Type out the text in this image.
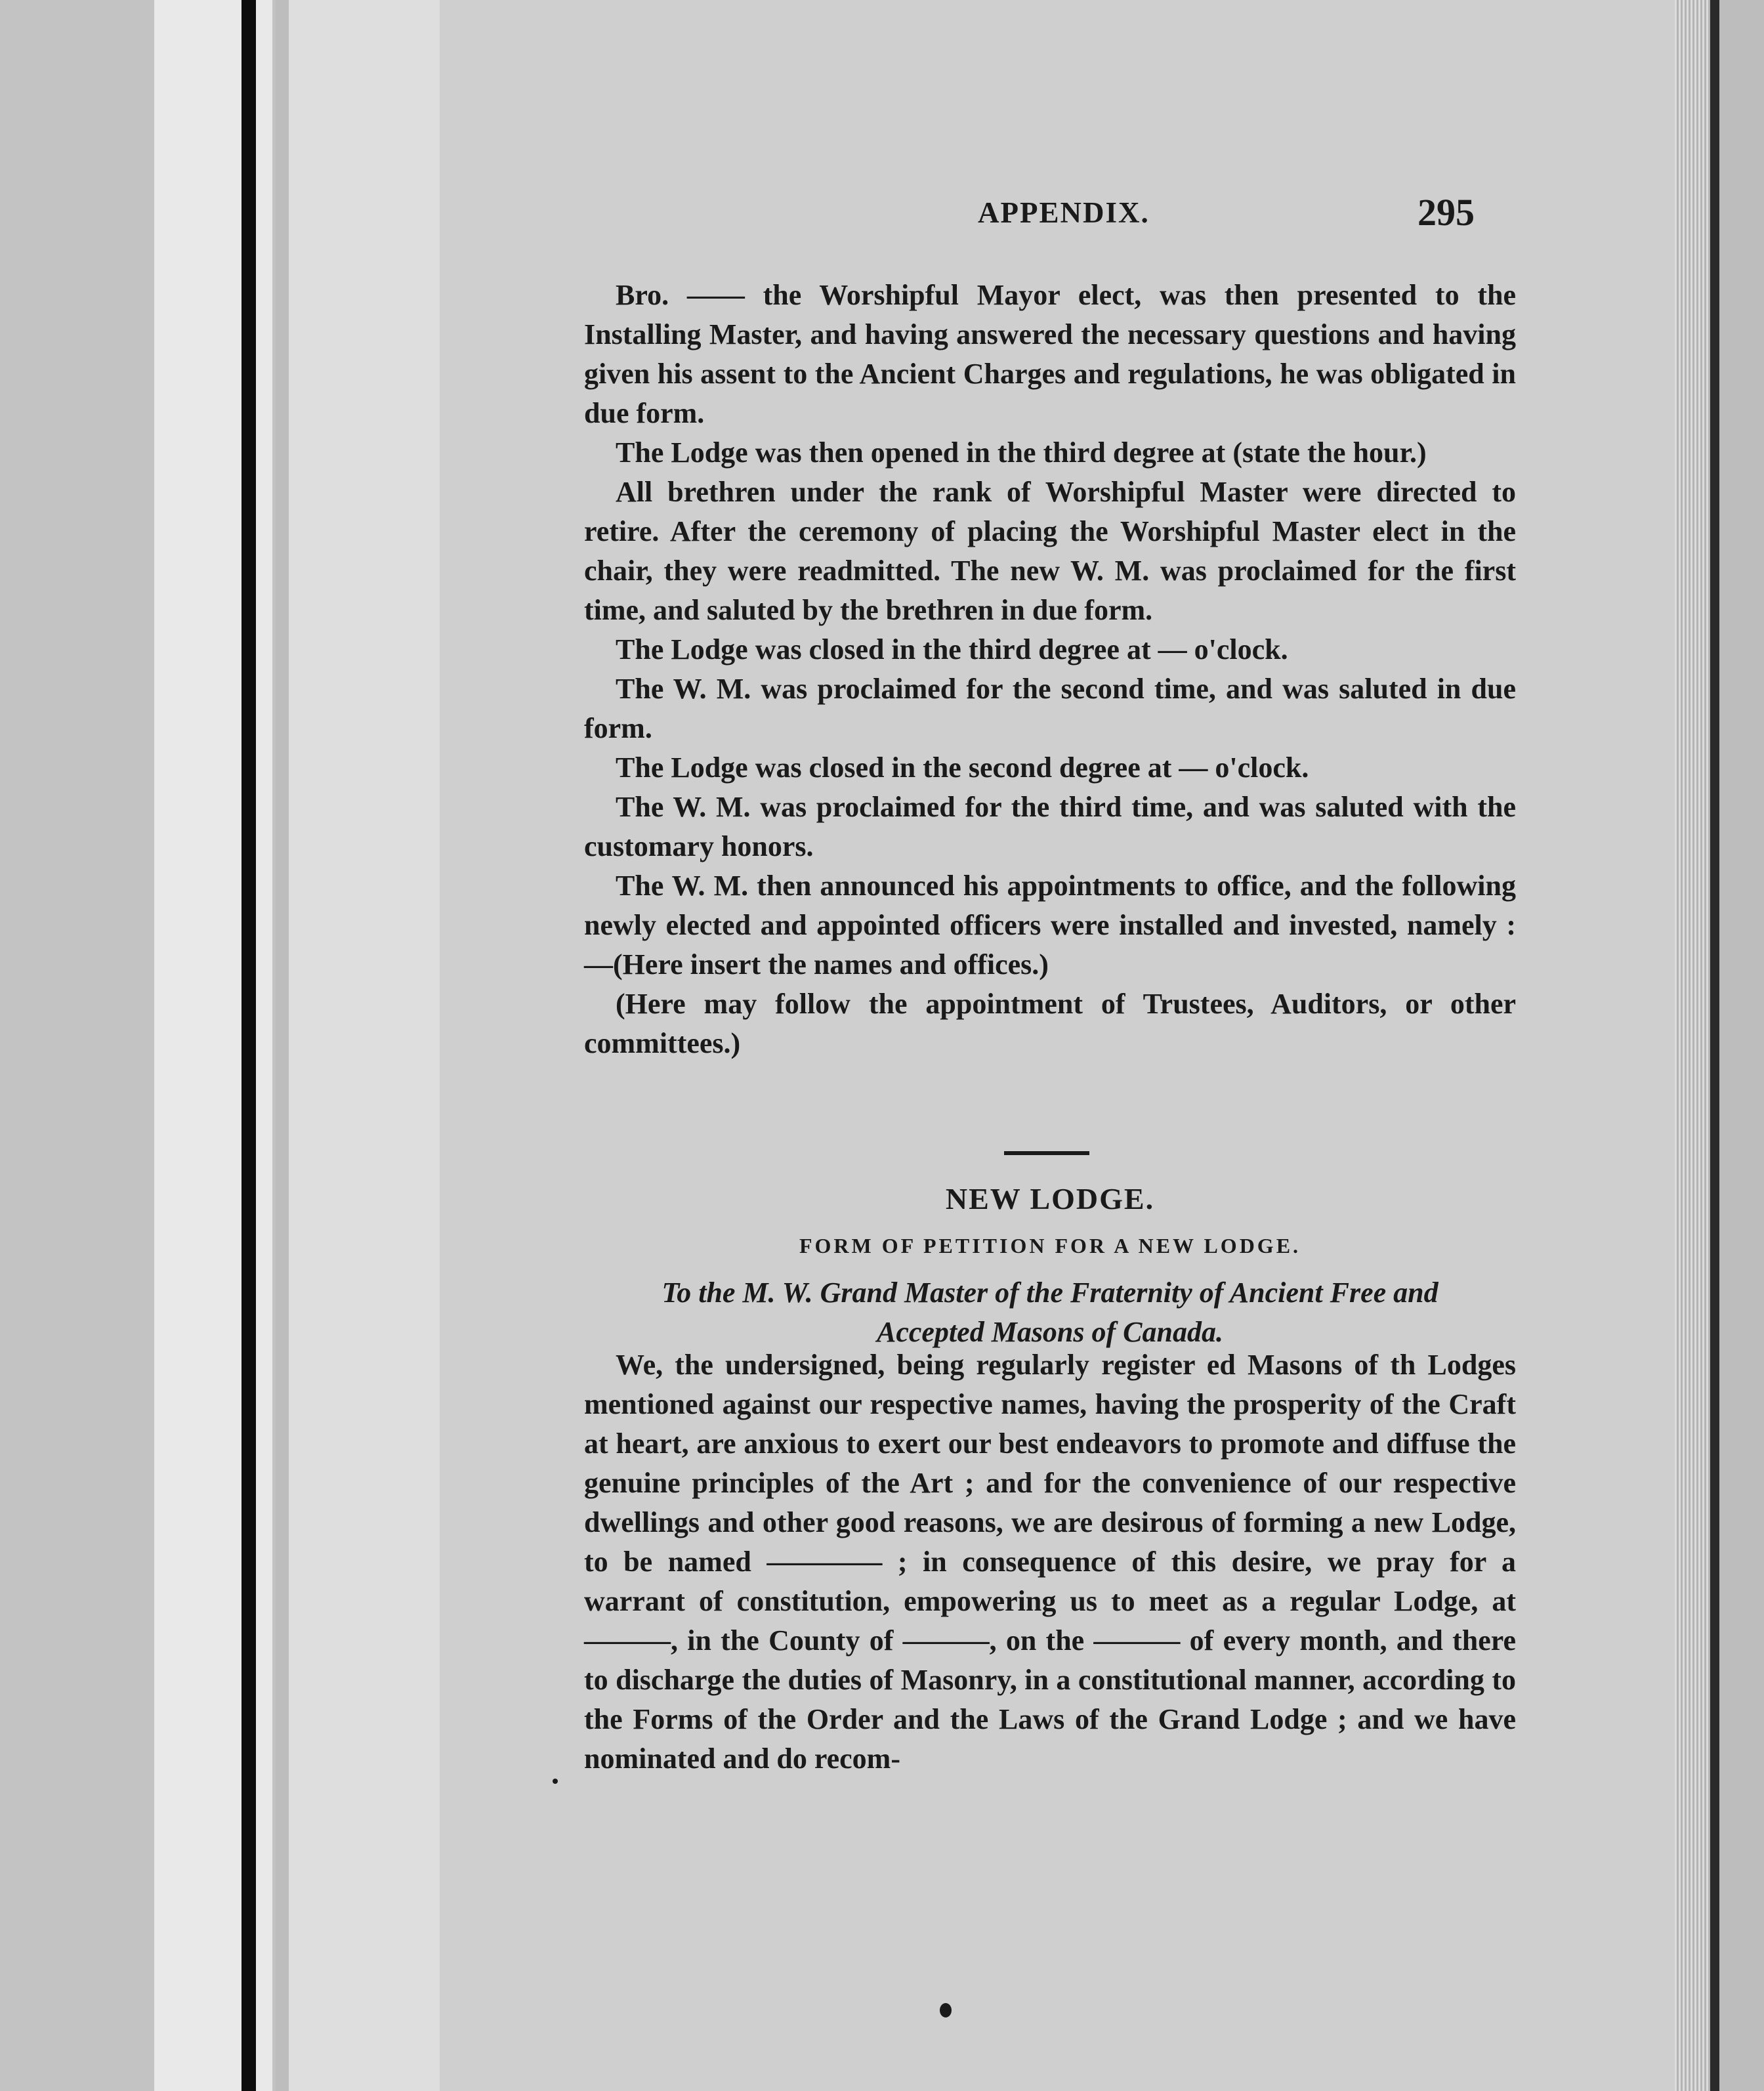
APPENDIX.	295

Bro. —— the Worshipful Mayor elect, was then presented to the Installing Master, and having answered the necessary questions and having given his assent to the Ancient Charges and regulations, he was obligated in due form.

The Lodge was then opened in the third degree at (state the hour.)

All brethren under the rank of Worshipful Master were directed to retire. After the ceremony of placing the Worshipful Master elect in the chair, they were readmitted. The new W. M. was proclaimed for the first time, and saluted by the brethren in due form.

The Lodge was closed in the third degree at — o'clock.

The W. M. was proclaimed for the second time, and was saluted in due form.

The Lodge was closed in the second degree at — o'clock.

The W. M. was proclaimed for the third time, and was saluted with the customary honors.

The W. M. then announced his appointments to office, and the following newly elected and appointed officers were installed and invested, namely :—(Here insert the names and offices.)

(Here may follow the appointment of Trustees, Auditors, or other committees.)

NEW LODGE.
FORM OF PETITION FOR A NEW LODGE.
To the M. W. Grand Master of the Fraternity of Ancient Free and
Accepted Masons of Canada.

We, the undersigned, being regularly register ed Masons of th Lodges mentioned against our respective names, having the prosperity of the Craft at heart, are anxious to exert our best endeavors to promote and diffuse the genuine principles of the Art ; and for the convenience of our respective dwellings and other good reasons, we are desirous of forming a new Lodge, to be named ———— ; in consequence of this desire, we pray for a warrant of constitution, empowering us to meet as a regular Lodge, at ———, in the County of ———, on the ——— of every month, and there to discharge the duties of Masonry, in a constitutional manner, according to the Forms of the Order and the Laws of the Grand Lodge ; and we have nominated and do recom-
